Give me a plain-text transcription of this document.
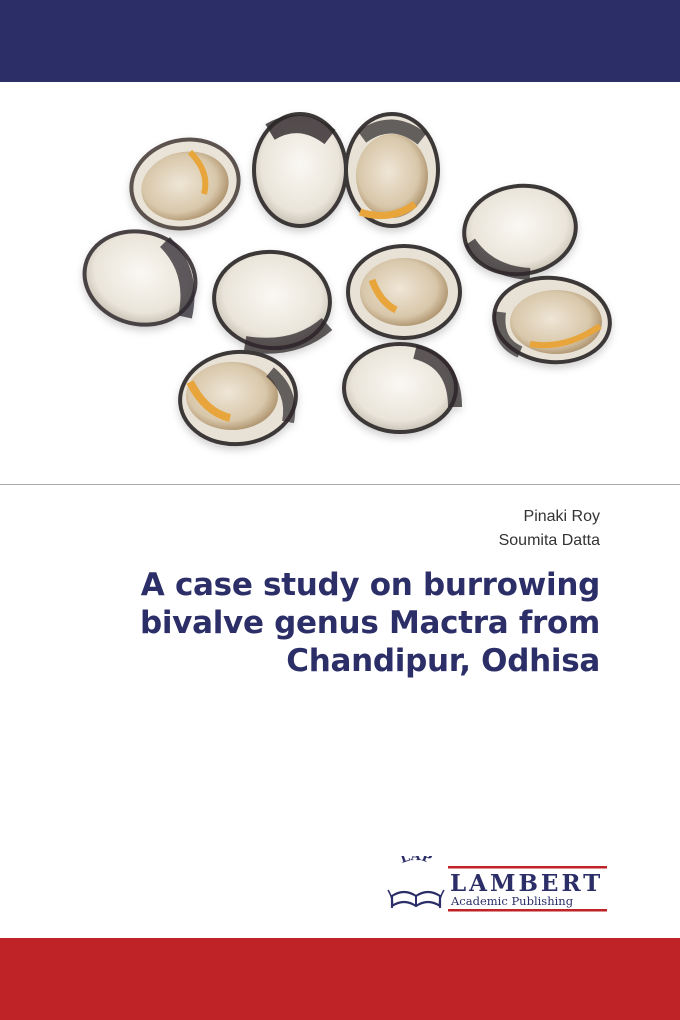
Pinaki Roy
Soumita Datta
A case study on burrowing
bivalve genus Mactra from
Chandipur, Odhisa
LAP
LAMBERT
Academic Publishing
